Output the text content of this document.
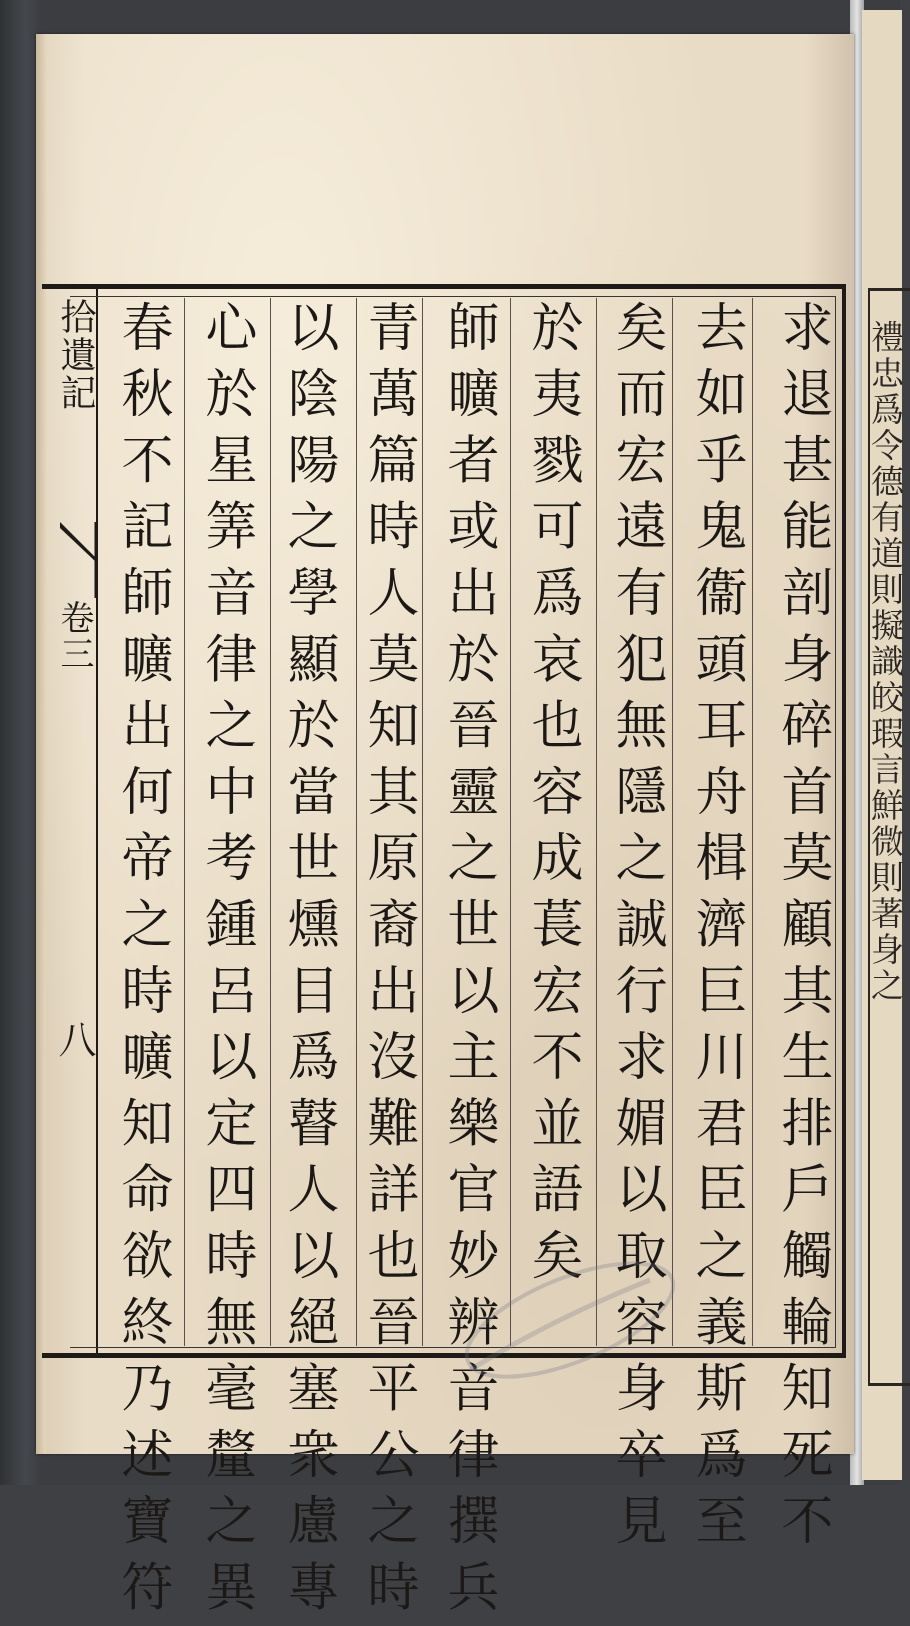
禮忠爲令德有道則擬識皎瑕言鮮微則著身之
拾遺記
卷三
八	求退甚能剖身碎首莫顧其生排戶觸輪知死不
去如乎鬼衞頭耳舟楫濟巨川君臣之義斯爲至
矣而宏遠有犯無隱之誠行求媚以取容身卒見
於夷戮可爲哀也容成萇宏不並語矣
師曠者或出於晉靈之世以主樂官妙辨音律撰兵
青萬篇時人莫知其原裔出沒難詳也晉平公之時
以陰陽之學顯於當世燻目爲瞽人以絕塞衆慮專
心於星筭音律之中考鍾呂以定四時無毫釐之異
春秋不記師曠出何帝之時曠知命欲終乃述寶符
